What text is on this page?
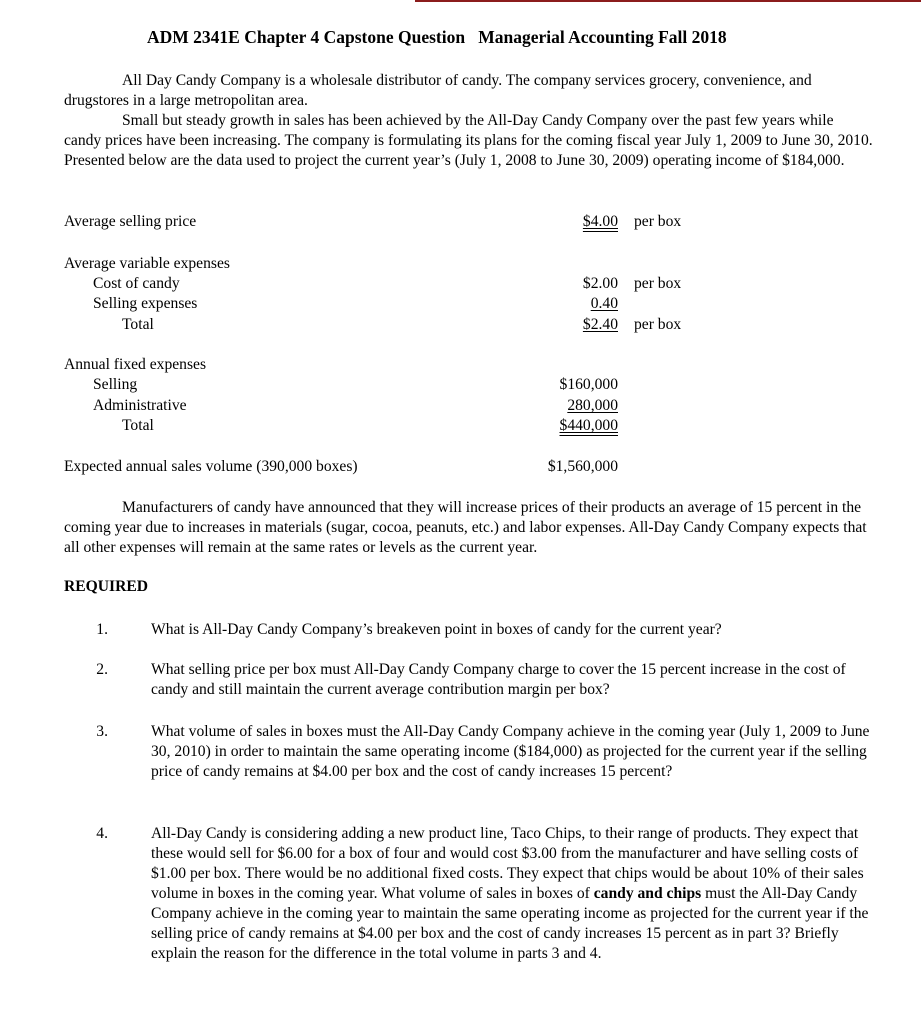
ADM 2341E Chapter 4 Capstone Question   Managerial Accounting Fall 2018

All Day Candy Company is a wholesale distributor of candy. The company services grocery, convenience, and drugstores in a large metropolitan area.

Small but steady growth in sales has been achieved by the All-Day Candy Company over the past few years while candy prices have been increasing. The company is formulating its plans for the coming fiscal year July 1, 2009 to June 30, 2010. Presented below are the data used to project the current year’s (July 1, 2008 to June 30, 2009) operating income of $184,000.

Average selling price	$4.00 per box
Average variable expenses
Cost of candy	$2.00 per box
Selling expenses	0.40
Total	$2.40 per box
Annual fixed expenses
Selling	$160,000
Administrative	280,000
Total	$440,000
Expected annual sales volume (390,000 boxes)	$1,560,000

Manufacturers of candy have announced that they will increase prices of their products an average of 15 percent in the coming year due to increases in materials (sugar, cocoa, peanuts, etc.) and labor expenses. All-Day Candy Company expects that all other expenses will remain at the same rates or levels as the current year.

REQUIRED
1.	What is All-Day Candy Company’s breakeven point in boxes of candy for the current year?
2.	What selling price per box must All-Day Candy Company charge to cover the 15 percent increase in the cost of candy and still maintain the current average contribution margin per box?
3.	What volume of sales in boxes must the All-Day Candy Company achieve in the coming year (July 1, 2009 to June 30, 2010) in order to maintain the same operating income ($184,000) as projected for the current year if the selling price of candy remains at $4.00 per box and the cost of candy increases 15 percent?
4.	All-Day Candy is considering adding a new product line, Taco Chips, to their range of products. They expect that these would sell for $6.00 for a box of four and would cost $3.00 from the manufacturer and have selling costs of $1.00 per box. There would be no additional fixed costs. They expect that chips would be about 10% of their sales volume in boxes in the coming year. What volume of sales in boxes of candy and chips must the All-Day Candy Company achieve in the coming year to maintain the same operating income as projected for the current year if the selling price of candy remains at $4.00 per box and the cost of candy increases 15 percent as in part 3? Briefly explain the reason for the difference in the total volume in parts 3 and 4.
